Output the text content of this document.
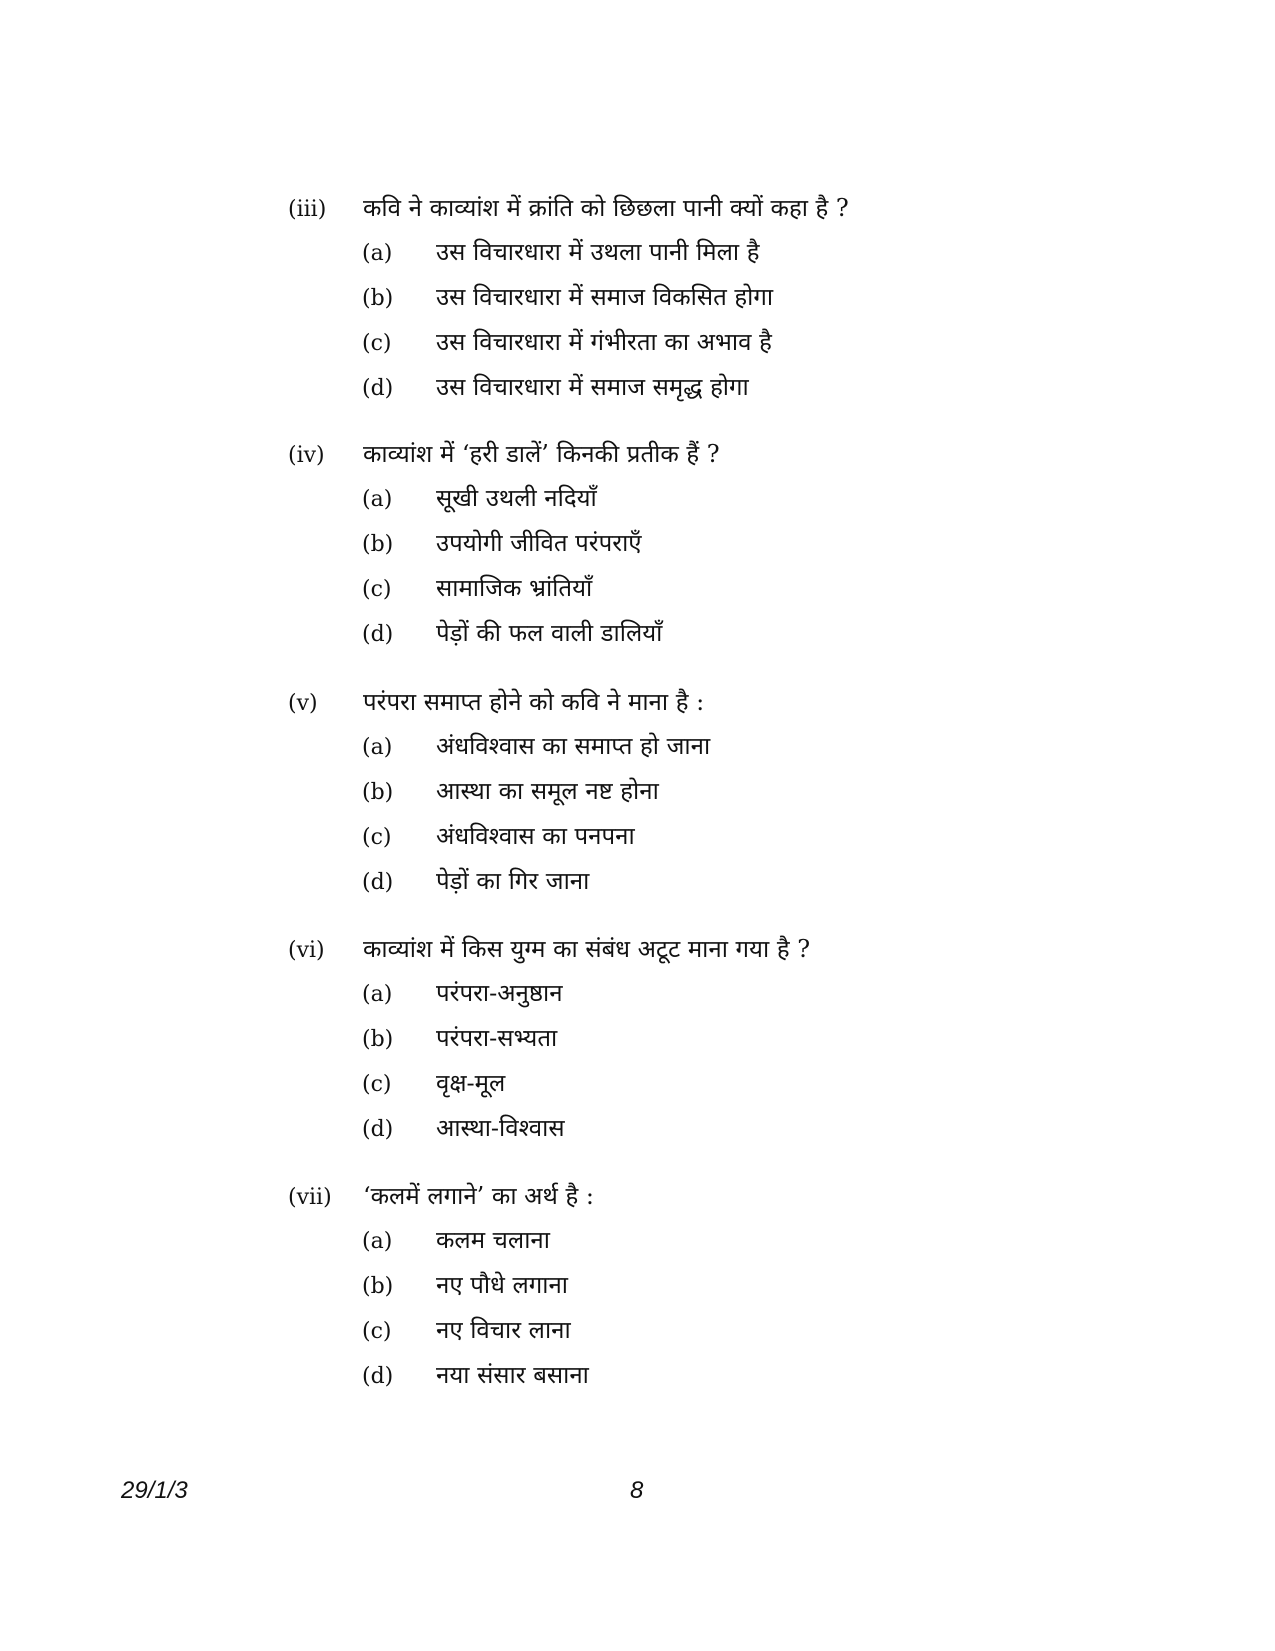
(iii)	कवि ने काव्यांश में क्रांति को छिछला पानी क्यों कहा है ?
(a)	उस विचारधारा में उथला पानी मिला है
(b)	उस विचारधारा में समाज विकसित होगा
(c)	उस विचारधारा में गंभीरता का अभाव है
(d)	उस विचारधारा में समाज समृद्ध होगा
(iv)	काव्यांश में ‘हरी डालें’ किनकी प्रतीक हैं ?
(a)	सूखी उथली नदियाँ
(b)	उपयोगी जीवित परंपराएँ
(c)	सामाजिक भ्रांतियाँ
(d)	पेड़ों की फल वाली डालियाँ
(v)	परंपरा समाप्त होने को कवि ने माना है :
(a)	अंधविश्वास का समाप्त हो जाना
(b)	आस्था का समूल नष्ट होना
(c)	अंधविश्वास का पनपना
(d)	पेड़ों का गिर जाना
(vi)	काव्यांश में किस युग्म का संबंध अटूट माना गया है ?
(a)	परंपरा-अनुष्ठान
(b)	परंपरा-सभ्यता
(c)	वृक्ष-मूल
(d)	आस्था-विश्वास
(vii)	‘कलमें लगाने’ का अर्थ है :
(a)	कलम चलाना
(b)	नए पौधे लगाना
(c)	नए विचार लाना
(d)	नया संसार बसाना
29/1/3	8
